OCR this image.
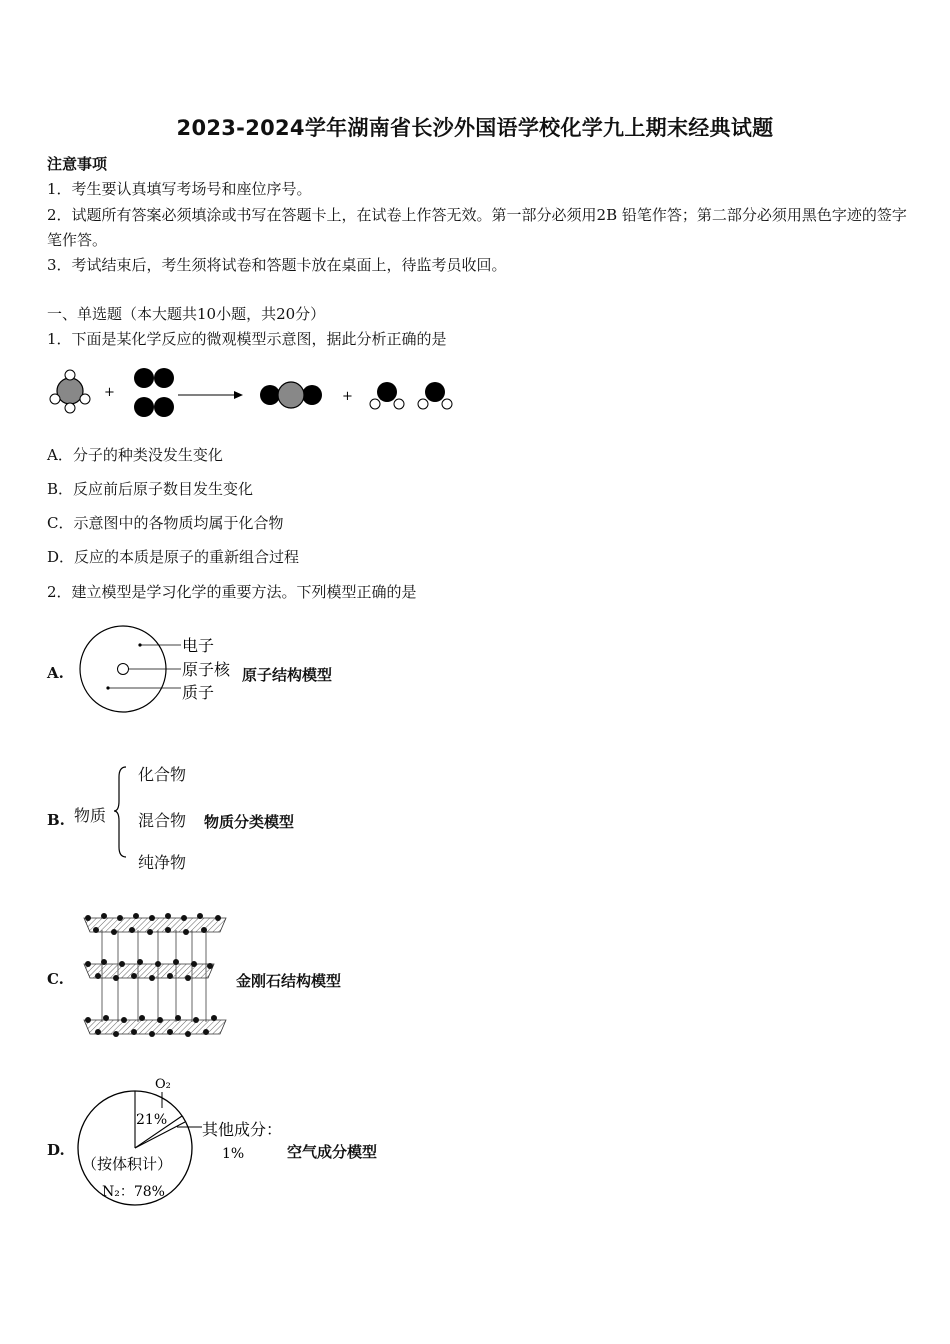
2023-2024学年湖南省长沙外国语学校化学九上期末经典试题
注意事项
1．考生要认真填写考场号和座位序号。
2．试题所有答案必须填涂或书写在答题卡上，在试卷上作答无效。第一部分必须用2B 铅笔作答；第二部分必须用黑色字迹的签字笔作答。
3．考试结束后，考生须将试卷和答题卡放在桌面上，待监考员收回。
一、单选题（本大题共10小题，共20分）
1．下面是某化学反应的微观模型示意图，据此分析正确的是
+	+
A．分子的种类没发生变化
B．反应前后原子数目发生变化
C．示意图中的各物质均属于化合物
D．反应的本质是原子的重新组合过程
2．建立模型是学习化学的重要方法。下列模型正确的是
A.
电子
原子核
质子
原子结构模型
B. 物质
化合物
混合物
纯净物
物质分类模型
C.	金刚石结构模型
D.
O₂
21% 其他成分：
1%
（按体积计）
N₂：78%
空气成分模型
